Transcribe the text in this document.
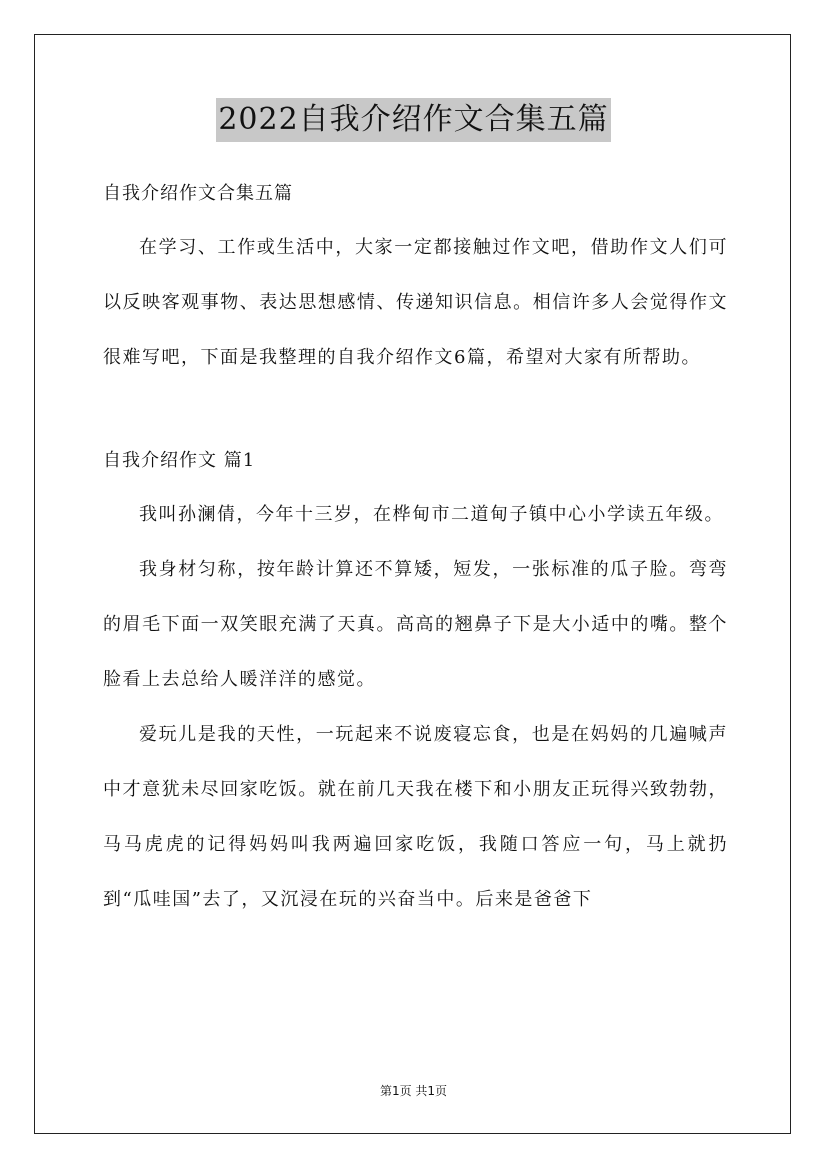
2022自我介绍作文合集五篇

自我介绍作文合集五篇

在学习、工作或生活中，大家一定都接触过作文吧，借助作文人们可以反映客观事物、表达思想感情、传递知识信息。相信许多人会觉得作文很难写吧，下面是我整理的自我介绍作文6篇，希望对大家有所帮助。

自我介绍作文 篇1

我叫孙澜倩，今年十三岁，在桦甸市二道甸子镇中心小学读五年级。

我身材匀称，按年龄计算还不算矮，短发，一张标准的瓜子脸。弯弯的眉毛下面一双笑眼充满了天真。高高的翘鼻子下是大小适中的嘴。整个脸看上去总给人暖洋洋的感觉。

爱玩儿是我的天性，一玩起来不说废寝忘食，也是在妈妈的几遍喊声中才意犹未尽回家吃饭。就在前几天我在楼下和小朋友正玩得兴致勃勃，马马虎虎的记得妈妈叫我两遍回家吃饭，我随口答应一句，马上就扔到“瓜哇国”去了，又沉浸在玩的兴奋当中。后来是爸爸下

第1页 共1页
